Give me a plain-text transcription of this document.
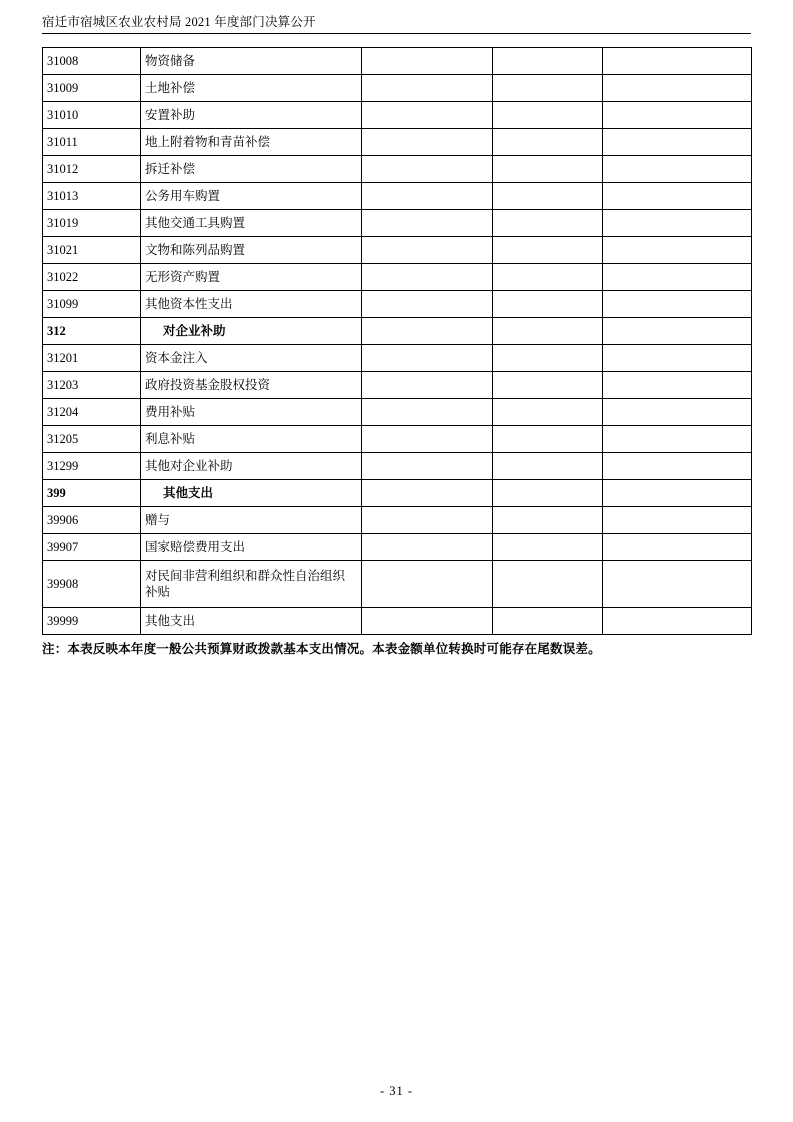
宿迁市宿城区农业农村局 2021 年度部门决算公开
31008	物资储备			
31009	土地补偿			
31010	安置补助			
31011	地上附着物和青苗补偿			
31012	拆迁补偿			
31013	公务用车购置			
31019	其他交通工具购置			
31021	文物和陈列品购置			
31022	无形资产购置			
31099	其他资本性支出			
312	对企业补助			
31201	资本金注入			
31203	政府投资基金股权投资			
31204	费用补贴			
31205	利息补贴			
31299	其他对企业补助			
399	其他支出			
39906	赠与			
39907	国家赔偿费用支出			
39908	对民间非营利组织和群众性自治组织补贴			
39999	其他支出			
注：本表反映本年度一般公共预算财政拨款基本支出情况。本表金额单位转换时可能存在尾数误差。
- 31 -
